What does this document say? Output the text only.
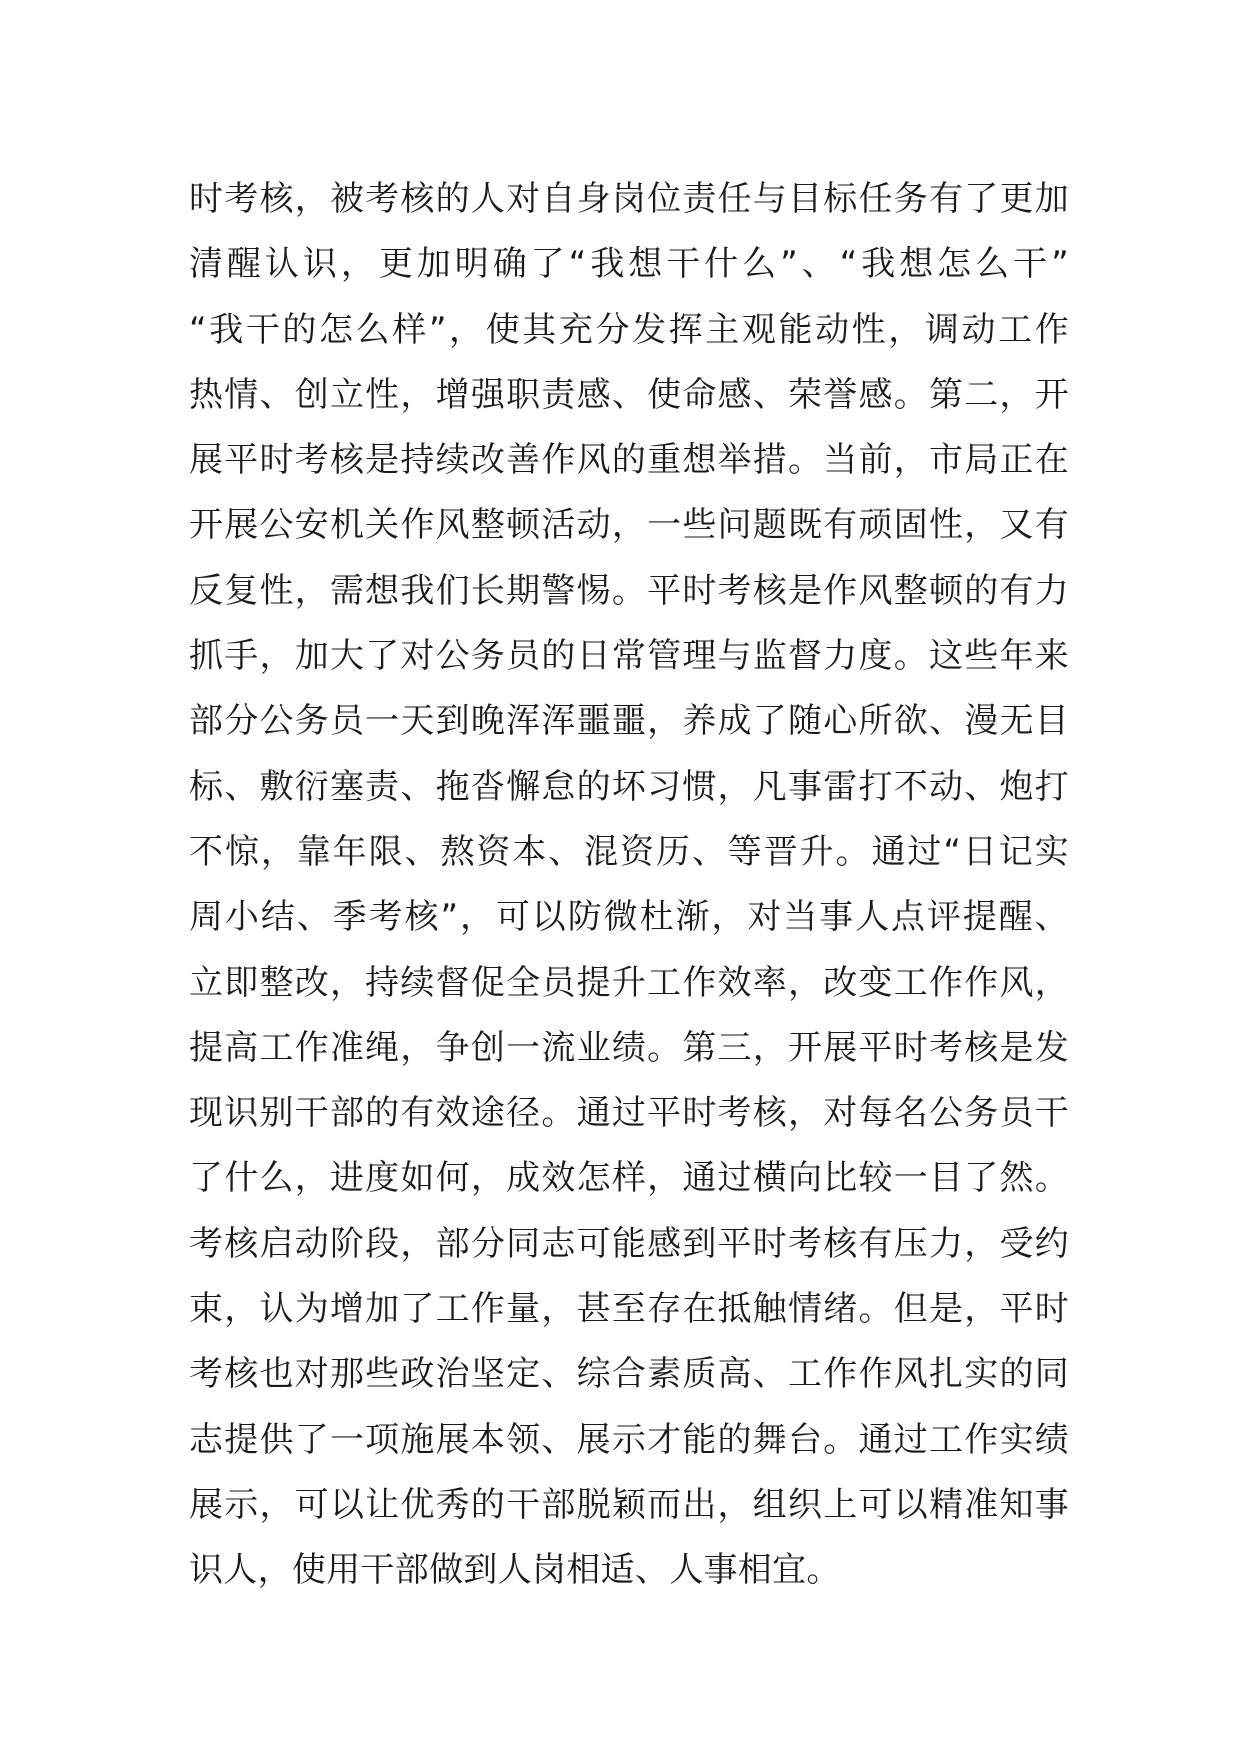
时考核，被考核的人对自身岗位责任与目标任务有了更加
清醒认识，更加明确了“我想干什么”、“我想怎么干”
“我干的怎么样”，使其充分发挥主观能动性，调动工作
热情、创立性，增强职责感、使命感、荣誉感。第二，开
展平时考核是持续改善作风的重想举措。当前，市局正在
开展公安机关作风整顿活动，一些问题既有顽固性，又有
反复性，需想我们长期警惕。平时考核是作风整顿的有力
抓手，加大了对公务员的日常管理与监督力度。这些年来
部分公务员一天到晚浑浑噩噩，养成了随心所欲、漫无目
标、敷衍塞责、拖沓懈怠的坏习惯，凡事雷打不动、炮打
不惊，靠年限、熬资本、混资历、等晋升。通过“日记实
周小结、季考核”，可以防微杜渐，对当事人点评提醒、
立即整改，持续督促全员提升工作效率，改变工作作风，
提高工作准绳，争创一流业绩。第三，开展平时考核是发
现识别干部的有效途径。通过平时考核，对每名公务员干
了什么，进度如何，成效怎样，通过横向比较一目了然。
考核启动阶段，部分同志可能感到平时考核有压力，受约
束，认为增加了工作量，甚至存在抵触情绪。但是，平时
考核也对那些政治坚定、综合素质高、工作作风扎实的同
志提供了一项施展本领、展示才能的舞台。通过工作实绩
展示，可以让优秀的干部脱颖而出，组织上可以精准知事
识人，使用干部做到人岗相适、人事相宜。
